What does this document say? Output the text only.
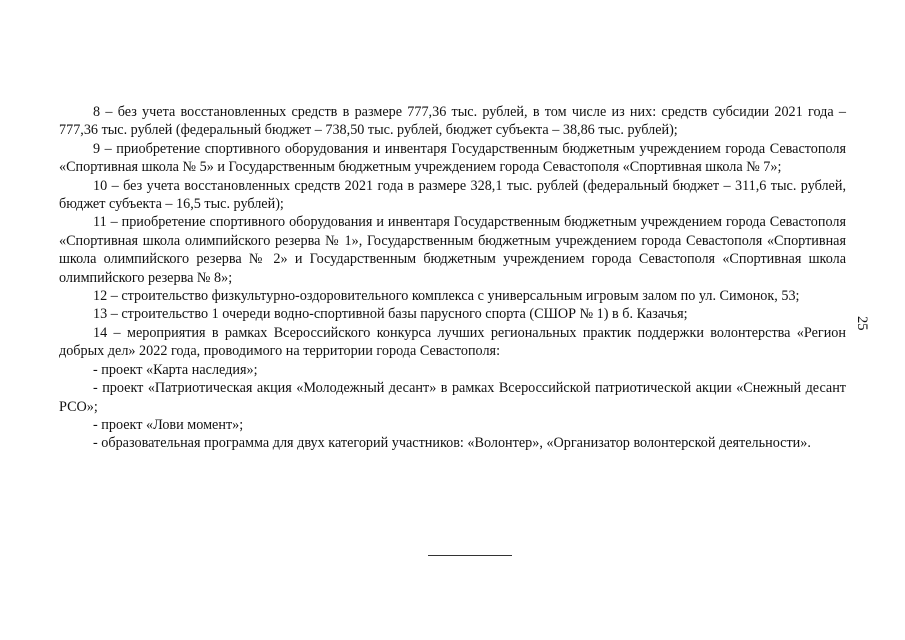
8 – без учета восстановленных средств в размере 777,36 тыс. рублей, в том числе из них: средств субсидии 2021 года – 777,36 тыс. рублей (федеральный бюджет – 738,50 тыс. рублей, бюджет субъекта – 38,86 тыс. рублей);

9 – приобретение спортивного оборудования и инвентаря Государственным бюджетным учреждением города Севастополя «Спортивная школа № 5» и Государственным бюджетным учреждением города Севастополя «Спортивная школа № 7»;

10 – без учета восстановленных средств 2021 года в размере 328,1 тыс. рублей (федеральный бюджет – 311,6 тыс. рублей, бюджет субъекта – 16,5 тыс. рублей);

11 – приобретение спортивного оборудования и инвентаря Государственным бюджетным учреждением города Севастополя «Спортивная школа олимпийского резерва № 1», Государственным бюджетным учреждением города Севастополя «Спортивная школа олимпийского резерва № 2» и Государственным бюджетным учреждением города Севастополя «Спортивная школа олимпийского резерва № 8»;

12 – строительство физкультурно-оздоровительного комплекса с универсальным игровым залом по ул. Симонок, 53;

13 – строительство 1 очереди водно-спортивной базы парусного спорта (СШОР № 1) в б. Казачья;

14 – мероприятия в рамках Всероссийского конкурса лучших региональных практик поддержки волонтерства «Регион добрых дел» 2022 года, проводимого на территории города Севастополя:

- проект «Карта наследия»;

- проект «Патриотическая акция «Молодежный десант» в рамках Всероссийской патриотической акции «Снежный десант РСО»;

- проект «Лови момент»;

- образовательная программа для двух категорий участников: «Волонтер», «Организатор волонтерской деятельности».

25
